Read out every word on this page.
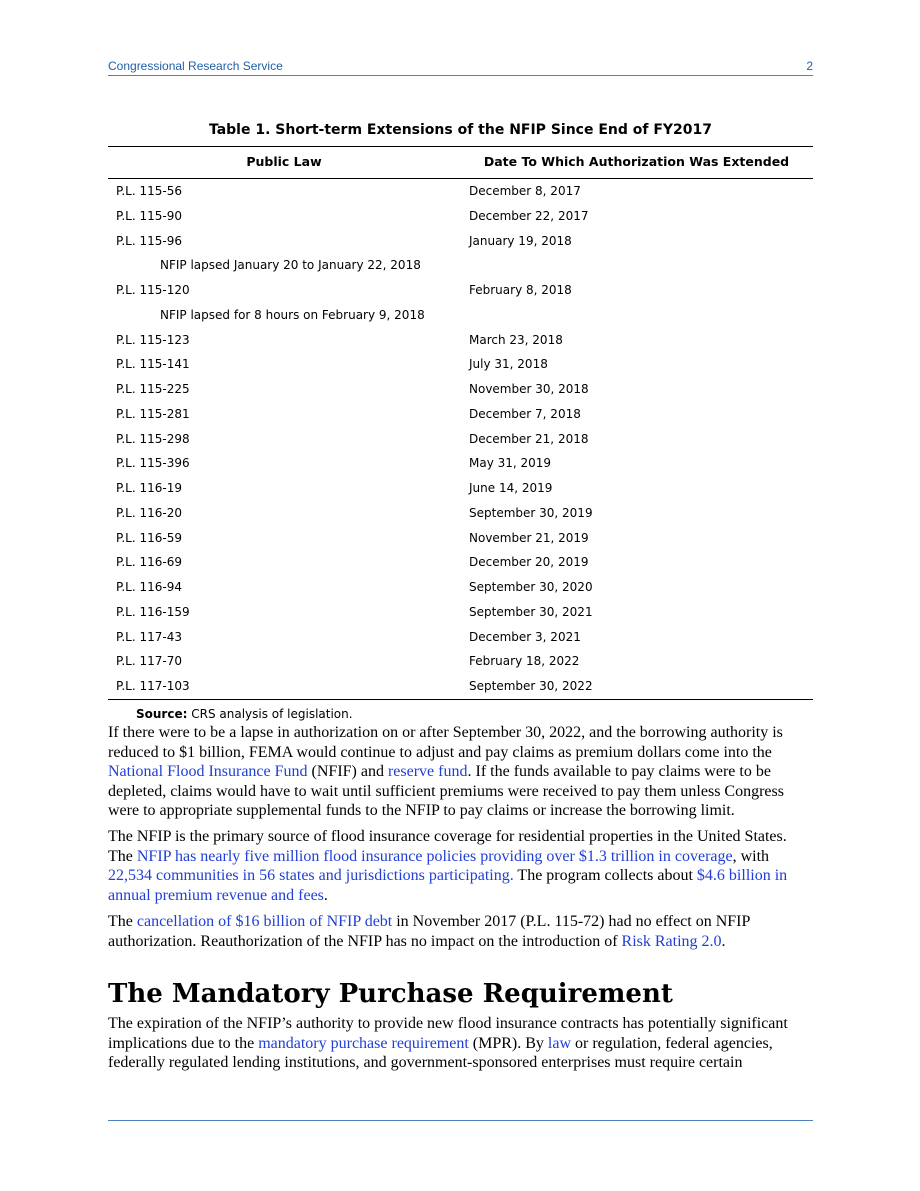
Congressional Research Service	2
Table 1. Short-term Extensions of the NFIP Since End of FY2017
Public Law	Date To Which Authorization Was Extended
P.L. 115-56	December 8, 2017
P.L. 115-90	December 22, 2017
P.L. 115-96	January 19, 2018
NFIP lapsed January 20 to January 22, 2018
P.L. 115-120	February 8, 2018
NFIP lapsed for 8 hours on February 9, 2018
P.L. 115-123	March 23, 2018
P.L. 115-141	July 31, 2018
P.L. 115-225	November 30, 2018
P.L. 115-281	December 7, 2018
P.L. 115-298	December 21, 2018
P.L. 115-396	May 31, 2019
P.L. 116-19	June 14, 2019
P.L. 116-20	September 30, 2019
P.L. 116-59	November 21, 2019
P.L. 116-69	December 20, 2019
P.L. 116-94	September 30, 2020
P.L. 116-159	September 30, 2021
P.L. 117-43	December 3, 2021
P.L. 117-70	February 18, 2022
P.L. 117-103	September 30, 2022
Source: CRS analysis of legislation.

If there were to be a lapse in authorization on or after September 30, 2022, and the borrowing authority is reduced to $1 billion, FEMA would continue to adjust and pay claims as premium dollars come into the National Flood Insurance Fund (NFIF) and reserve fund. If the funds available to pay claims were to be depleted, claims would have to wait until sufficient premiums were received to pay them unless Congress were to appropriate supplemental funds to the NFIP to pay claims or increase the borrowing limit.

The NFIP is the primary source of flood insurance coverage for residential properties in the United States. The NFIP has nearly five million flood insurance policies providing over $1.3 trillion in coverage, with 22,534 communities in 56 states and jurisdictions participating. The program collects about $4.6 billion in annual premium revenue and fees.

The cancellation of $16 billion of NFIP debt in November 2017 (P.L. 115-72) had no effect on NFIP authorization. Reauthorization of the NFIP has no impact on the introduction of Risk Rating 2.0.

The Mandatory Purchase Requirement

The expiration of the NFIP’s authority to provide new flood insurance contracts has potentially significant implications due to the mandatory purchase requirement (MPR). By law or regulation, federal agencies, federally regulated lending institutions, and government-sponsored enterprises must require certain
